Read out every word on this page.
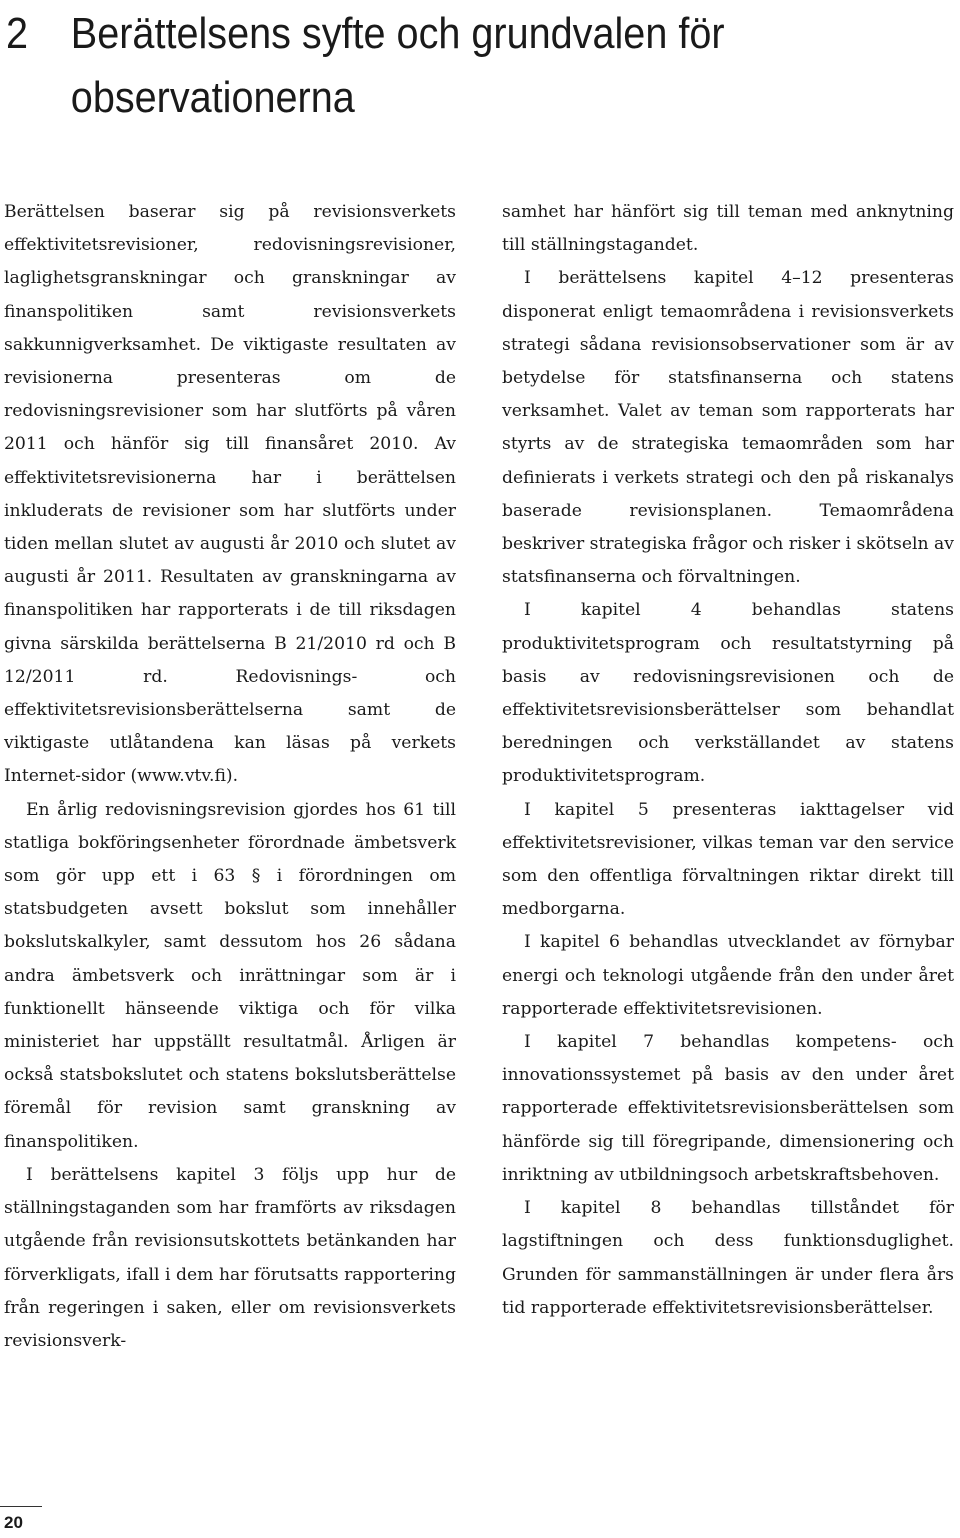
2 Berättelsens syfte och grundvalen för observationerna

Berättelsen baserar sig på revisionsverkets effektivitetsrevisioner, redovisningsrevisioner, laglighetsgranskningar och granskningar av finanspolitiken samt revisionsverkets sakkunnigverksamhet. De viktigaste resultaten av revisionerna presenteras om de redovisningsrevisioner som har slutförts på våren 2011 och hänför sig till finansåret 2010. Av effektivitetsrevisionerna har i berättelsen inkluderats de revisioner som har slutförts under tiden mellan slutet av augusti år 2010 och slutet av augusti år 2011. Resultaten av granskningarna av finanspolitiken har rapporterats i de till riksdagen givna särskilda berättelserna B 21/2010 rd och B 12/2011 rd. Redovisnings- och effektivitetsrevisionsberättelserna samt de viktigaste utlåtandena kan läsas på verkets Internet-sidor (www.vtv.fi).

En årlig redovisningsrevision gjordes hos 61 till statliga bokföringsenheter förordnade ämbetsverk som gör upp ett i 63 § i förordningen om statsbudgeten avsett bokslut som innehåller bokslutskalkyler, samt dessutom hos 26 sådana andra ämbetsverk och inrättningar som är i funktionellt hänseende viktiga och för vilka ministeriet har uppställt resultatmål. Årligen är också statsbokslutet och statens bokslutsberättelse föremål för revision samt granskning av finanspolitiken.

I berättelsens kapitel 3 följs upp hur de ställningstaganden som har framförts av riksdagen utgående från revisionsutskottets betänkanden har förverkligats, ifall i dem har förutsatts rapportering från regeringen i saken, eller om revisionsverkets revisionsverk-

samhet har hänfört sig till teman med anknytning till ställningstagandet.

I berättelsens kapitel 4–12 presenteras disponerat enligt temaområdena i revisionsverkets strategi sådana revisionsobservationer som är av betydelse för statsfinanserna och statens verksamhet. Valet av teman som rapporterats har styrts av de strategiska temaområden som har definierats i verkets strategi och den på riskanalys baserade revisionsplanen. Temaområdena beskriver strategiska frågor och risker i skötseln av statsfinanserna och förvaltningen.

I kapitel 4 behandlas statens produktivitetsprogram och resultatstyrning på basis av redovisningsrevisionen och de effektivitetsrevisionsberättelser som behandlat beredningen och verkställandet av statens produktivitetsprogram.

I kapitel 5 presenteras iakttagelser vid effektivitetsrevisioner, vilkas teman var den service som den offentliga förvaltningen riktar direkt till medborgarna.

I kapitel 6 behandlas utvecklandet av förnybar energi och teknologi utgående från den under året rapporterade effektivitetsrevisionen.

I kapitel 7 behandlas kompetens- och innovationssystemet på basis av den under året rapporterade effektivitetsrevisionsberättelsen som hänförde sig till föregripande, dimensionering och inriktning av utbildningsoch arbetskraftsbehoven.

I kapitel 8 behandlas tillståndet för lagstiftningen och dess funktionsduglighet. Grunden för sammanställningen är under flera års tid rapporterade effektivitetsrevisionsberättelser.

20
